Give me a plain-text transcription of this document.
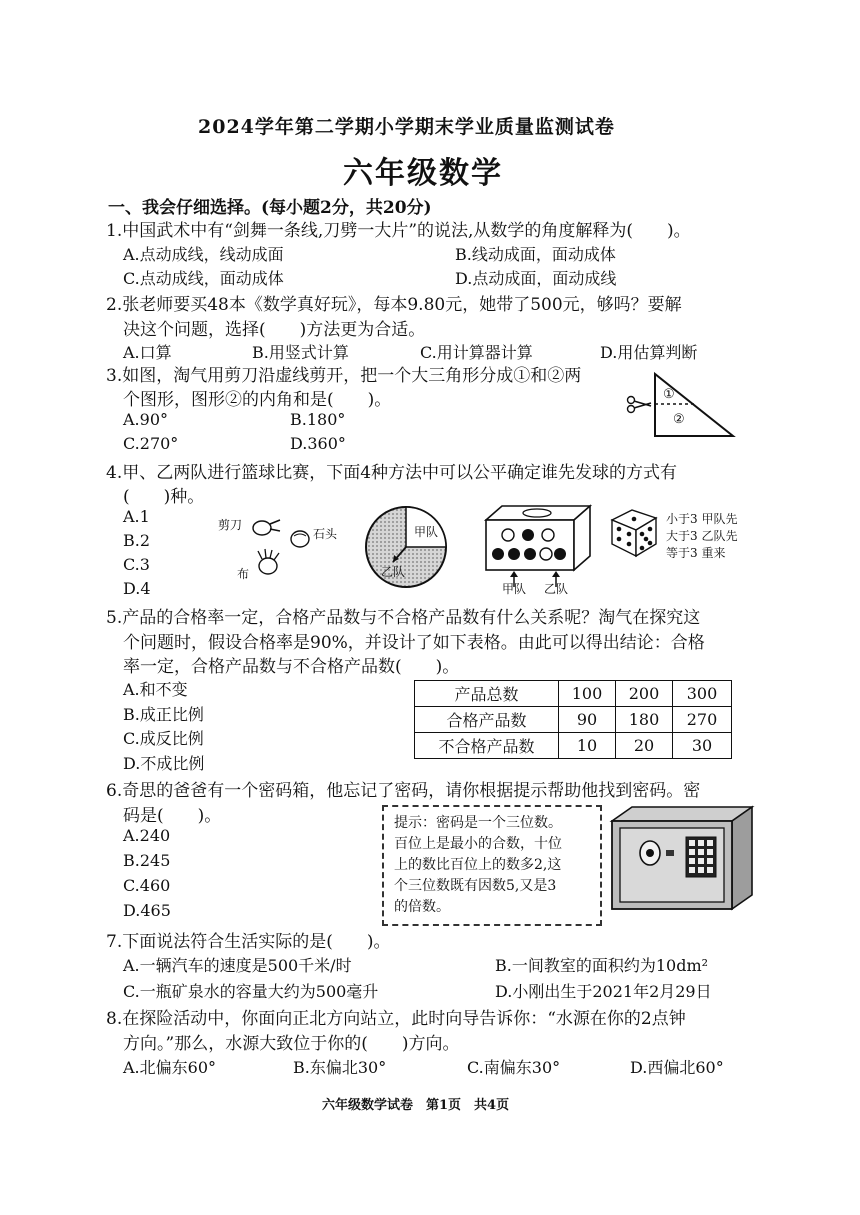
2024学年第二学期小学期末学业质量监测试卷
六年级数学
一、我会仔细选择。(每小题2分，共20分)
1.中国武术中有“剑舞一条线,刀劈一大片”的说法,从数学的角度解释为(　　)。
A.点动成线，线动成面	B.线动成面，面动成体
C.点动成线，面动成体	D.点动成面，面动成线
2.张老师要买48本《数学真好玩》，每本9.80元，她带了500元，够吗？要解
决这个问题，选择(　　)方法更为合适。
A.口算	B.用竖式计算	C.用计算器计算	D.用估算判断
3.如图，淘气用剪刀沿虚线剪开，把一个大三角形分成①和②两
个图形，图形②的内角和是(　　)。
A.90°	B.180°
C.270°	D.360°
①
②
4.甲、乙两队进行篮球比赛，下面4种方法中可以公平确定谁先发球的方式有
(　　)种。
A.1
B.2
C.3
D.4
剪刀
石头
布
甲队
乙队
甲队 乙队
小于3 甲队先
大于3 乙队先
等于3 重来
5.产品的合格率一定，合格产品数与不合格产品数有什么关系呢？淘气在探究这
个问题时，假设合格率是90%，并设计了如下表格。由此可以得出结论：合格
率一定，合格产品数与不合格产品数(　　)。
A.和不变
B.成正比例
C.成反比例
D.不成比例
产品总数	100	200	300
合格产品数	90	180	270
不合格产品数	10	20	30
6.奇思的爸爸有一个密码箱，他忘记了密码，请你根据提示帮助他找到密码。密
码是(　　)。
A.240
B.245
C.460
D.465
提示：密码是一个三位数。
百位上是最小的合数，十位
上的数比百位上的数多2,这
个三位数既有因数5,又是3
的倍数。
7.下面说法符合生活实际的是(　　)。
A.一辆汽车的速度是500千米/时	B.一间教室的面积约为10dm²
C.一瓶矿泉水的容量大约为500毫升	D.小刚出生于2021年2月29日
8.在探险活动中，你面向正北方向站立，此时向导告诉你：“水源在你的2点钟
方向。”那么，水源大致位于你的(　　)方向。
A.北偏东60°	B.东偏北30°	C.南偏东30°	D.西偏北60°
六年级数学试卷　第1页　共4页
